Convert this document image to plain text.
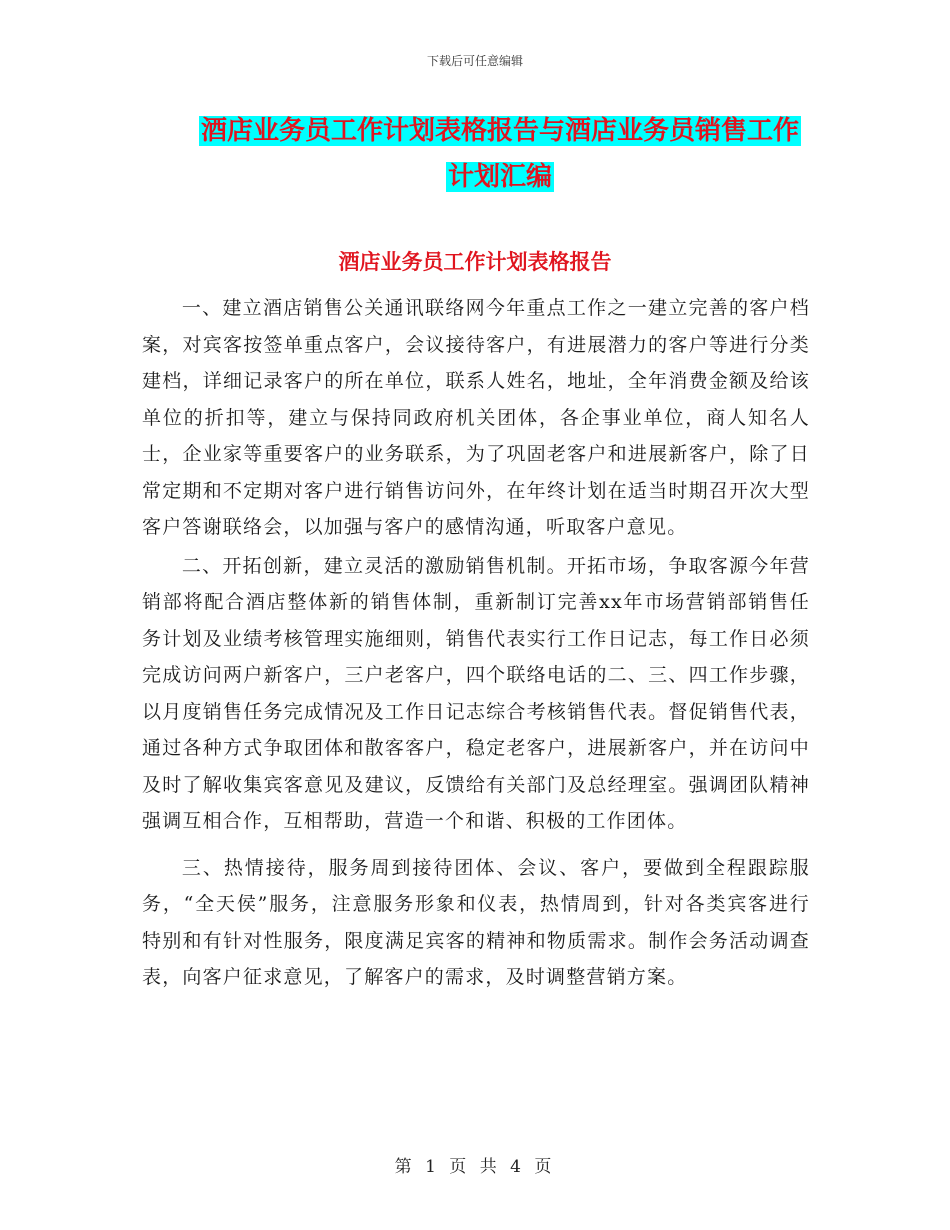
下载后可任意编辑
酒店业务员工作计划表格报告与酒店业务员销售工作
计划汇编
酒店业务员工作计划表格报告

一、建立酒店销售公关通讯联络网今年重点工作之一建立完善的客户档案，对宾客按签单重点客户，会议接待客户，有进展潜力的客户等进行分类建档，详细记录客户的所在单位，联系人姓名，地址，全年消费金额及给该单位的折扣等，建立与保持同政府机关团体，各企事业单位，商人知名人士，企业家等重要客户的业务联系，为了巩固老客户和进展新客户，除了日常定期和不定期对客户进行销售访问外，在年终计划在适当时期召开次大型客户答谢联络会，以加强与客户的感情沟通，听取客户意见。

二、开拓创新，建立灵活的激励销售机制。开拓市场，争取客源今年营销部将配合酒店整体新的销售体制，重新制订完善xx年市场营销部销售任务计划及业绩考核管理实施细则，销售代表实行工作日记志，每工作日必须完成访问两户新客户，三户老客户，四个联络电话的二、三、四工作步骤，以月度销售任务完成情况及工作日记志综合考核销售代表。督促销售代表，通过各种方式争取团体和散客客户，稳定老客户，进展新客户，并在访问中及时了解收集宾客意见及建议，反馈给有关部门及总经理室。强调团队精神强调互相合作，互相帮助，营造一个和谐、积极的工作团体。

三、热情接待，服务周到接待团体、会议、客户，要做到全程跟踪服务，“全天侯”服务，注意服务形象和仪表，热情周到，针对各类宾客进行特别和有针对性服务，限度满足宾客的精神和物质需求。制作会务活动调查表，向客户征求意见，了解客户的需求，及时调整营销方案。

第 1 页 共 4 页
